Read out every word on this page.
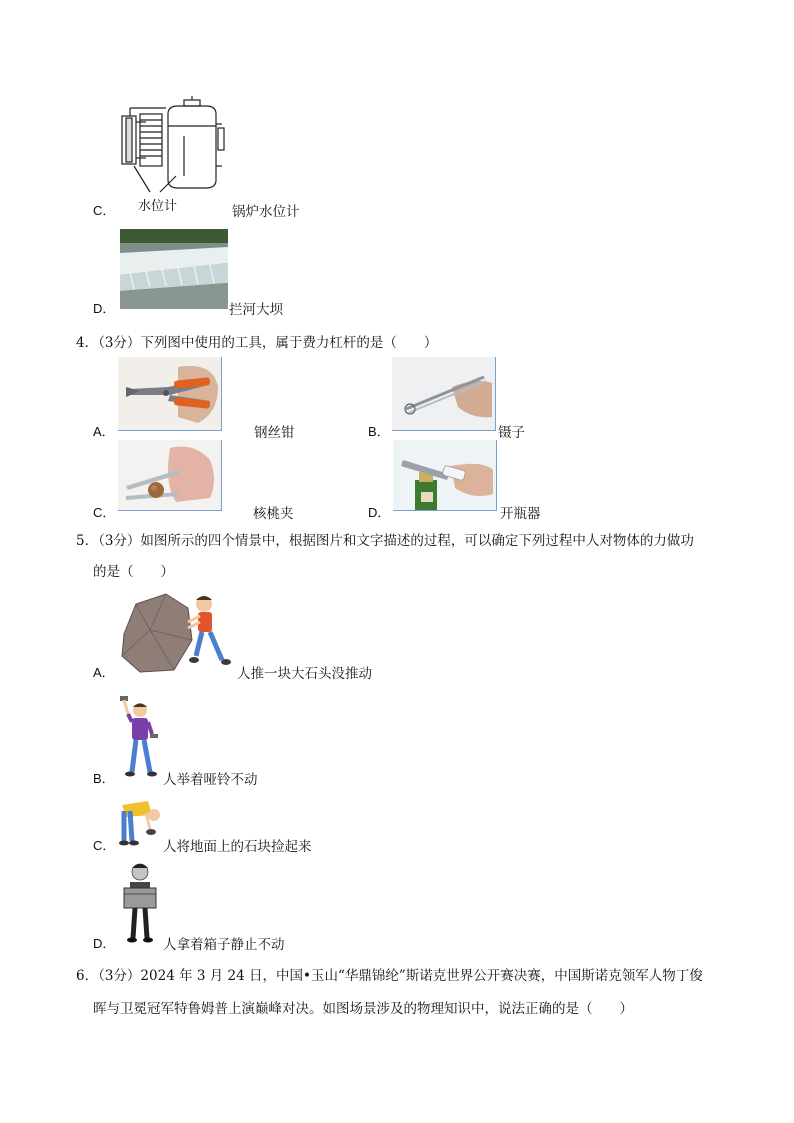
水位计
C．	锅炉水位计
D．	拦河大坝
4．（3分）下列图中使用的工具，属于费力杠杆的是（　　）
A．	钢丝钳	B．	镊子
C．	核桃夹	D．	开瓶器
5．（3分）如图所示的四个情景中，根据图片和文字描述的过程，可以确定下列过程中人对物体的力做功
的是（　　）
A．	人推一块大石头没推动
B．	人举着哑铃不动
C．	人将地面上的石块捡起来
D．	人拿着箱子静止不动
6．（3分）2024 年 3 月 24 日，中国•玉山“华鼎锦纶”斯诺克世界公开赛决赛，中国斯诺克领军人物丁俊
晖与卫冕冠军特鲁姆普上演巅峰对决。如图场景涉及的物理知识中，说法正确的是（　　）
